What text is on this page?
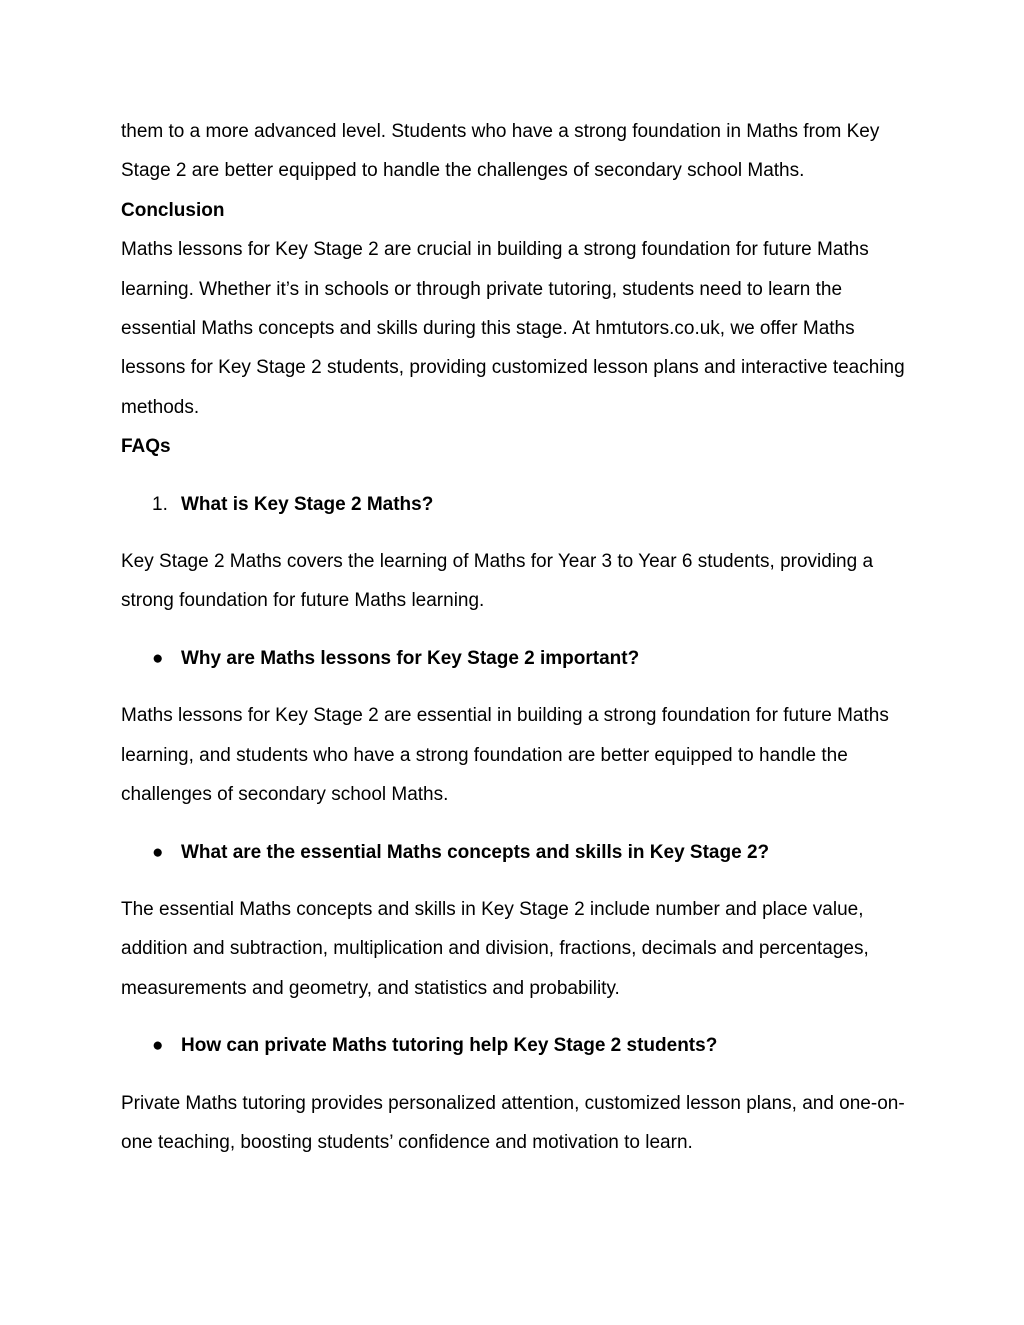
them to a more advanced level. Students who have a strong foundation in Maths from Key Stage 2 are better equipped to handle the challenges of secondary school Maths.

Conclusion

Maths lessons for Key Stage 2 are crucial in building a strong foundation for future Maths learning. Whether it’s in schools or through private tutoring, students need to learn the essential Maths concepts and skills during this stage. At hmtutors.co.uk, we offer Maths lessons for Key Stage 2 students, providing customized lesson plans and interactive teaching methods.

FAQs

1. What is Key Stage 2 Maths?

Key Stage 2 Maths covers the learning of Maths for Year 3 to Year 6 students, providing a strong foundation for future Maths learning.

● Why are Maths lessons for Key Stage 2 important?

Maths lessons for Key Stage 2 are essential in building a strong foundation for future Maths learning, and students who have a strong foundation are better equipped to handle the challenges of secondary school Maths.

● What are the essential Maths concepts and skills in Key Stage 2?

The essential Maths concepts and skills in Key Stage 2 include number and place value, addition and subtraction, multiplication and division, fractions, decimals and percentages, measurements and geometry, and statistics and probability.

● How can private Maths tutoring help Key Stage 2 students?

Private Maths tutoring provides personalized attention, customized lesson plans, and one-on-one teaching, boosting students’ confidence and motivation to learn.
